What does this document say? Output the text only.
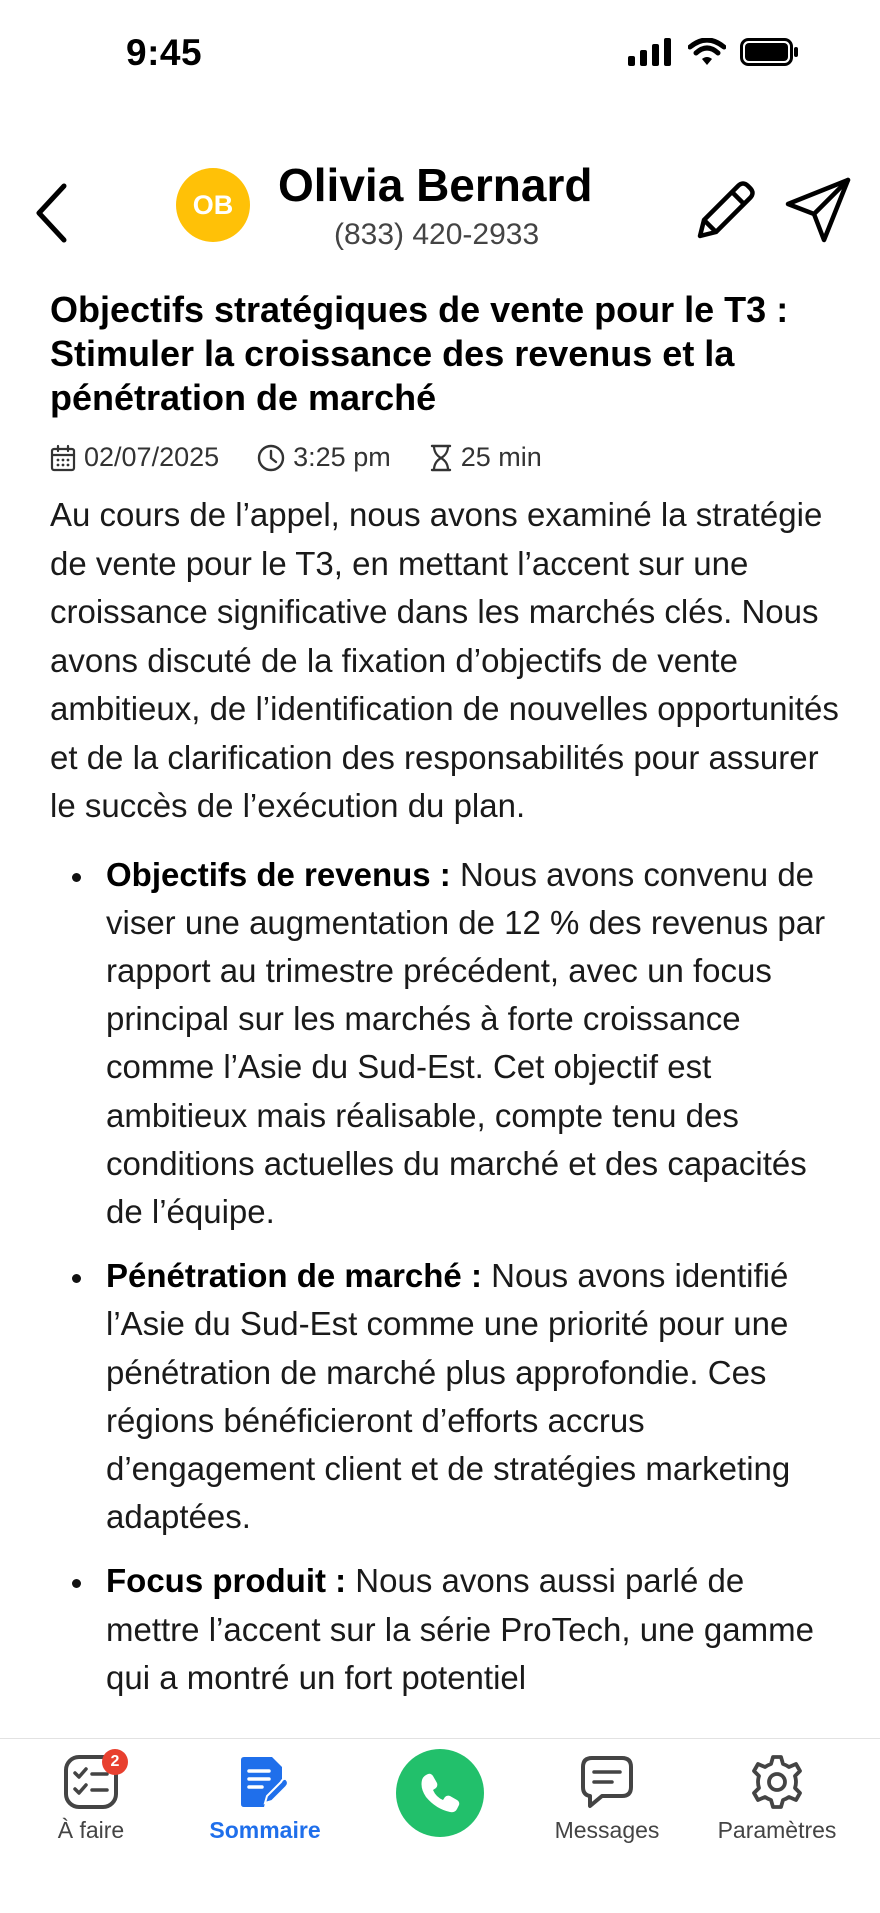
9:45
OB Olivia Bernard
(833) 420-2933
Objectifs stratégiques de vente pour le T3 : Stimuler la croissance des revenus et la pénétration de marché
02/07/2025	3:25 pm	25 min

Au cours de l’appel, nous avons examiné la stratégie de vente pour le T3, en mettant l’accent sur une croissance significative dans les marchés clés. Nous avons discuté de la fixation d’objectifs de vente ambitieux, de l’identification de nouvelles opportunités et de la clarification des responsabilités pour assurer le succès de l’exécution du plan.

Objectifs de revenus : Nous avons convenu de viser une augmentation de 12 % des revenus par rapport au trimestre précédent, avec un focus principal sur les marchés à forte croissance comme l’Asie du Sud-Est. Cet objectif est ambitieux mais réalisable, compte tenu des conditions actuelles du marché et des capacités de l’équipe.
Pénétration de marché : Nous avons identifié l’Asie du Sud-Est comme une priorité pour une pénétration de marché plus approfondie. Ces régions bénéficieront d’efforts accrus d’engagement client et de stratégies marketing adaptées.
Focus produit : Nous avons aussi parlé de mettre l’accent sur la série ProTech, une gamme qui a montré un fort potentiel
2
À faire	Sommaire	Messages	Paramètres
